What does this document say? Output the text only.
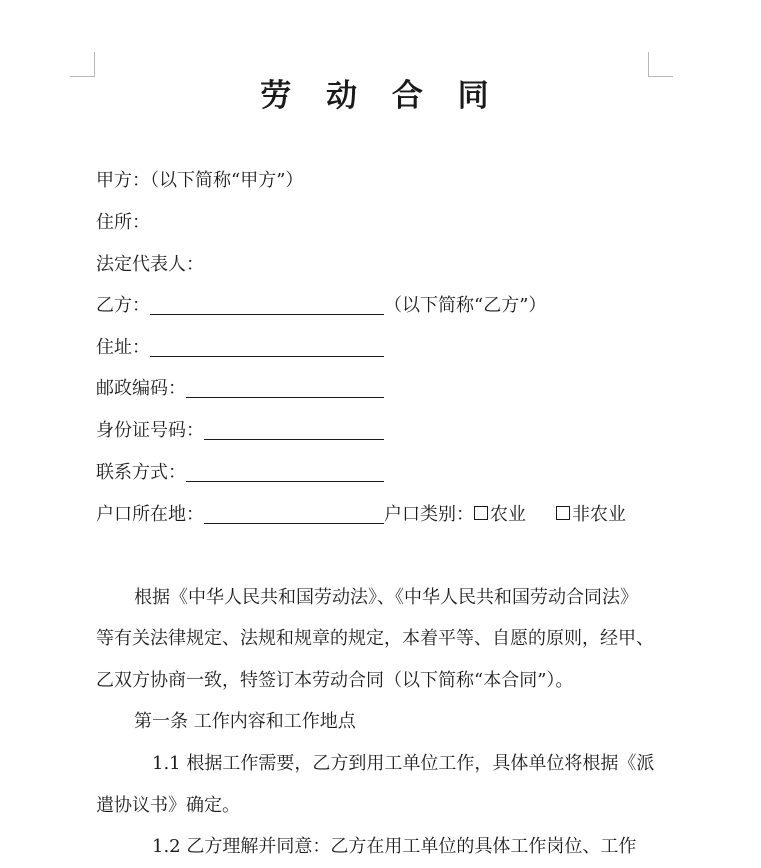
劳 动 合 同
甲方：（以下简称“甲方”）
住所：
法定代表人：
乙方：	（以下简称“乙方”）
住址：
邮政编码：
身份证号码：
联系方式：
户口所在地：	户口类别： 农业	非农业
根据《中华人民共和国劳动法》、《中华人民共和国劳动合同法》
等有关法律规定、法规和规章的规定，本着平等、自愿的原则，经甲、
乙双方协商一致，特签订本劳动合同（以下简称“本合同”）。
第一条 工作内容和工作地点
1.1 根据工作需要，乙方到用工单位工作，具体单位将根据《派
遣协议书》确定。
1.2 乙方理解并同意：乙方在用工单位的具体工作岗位、工作
